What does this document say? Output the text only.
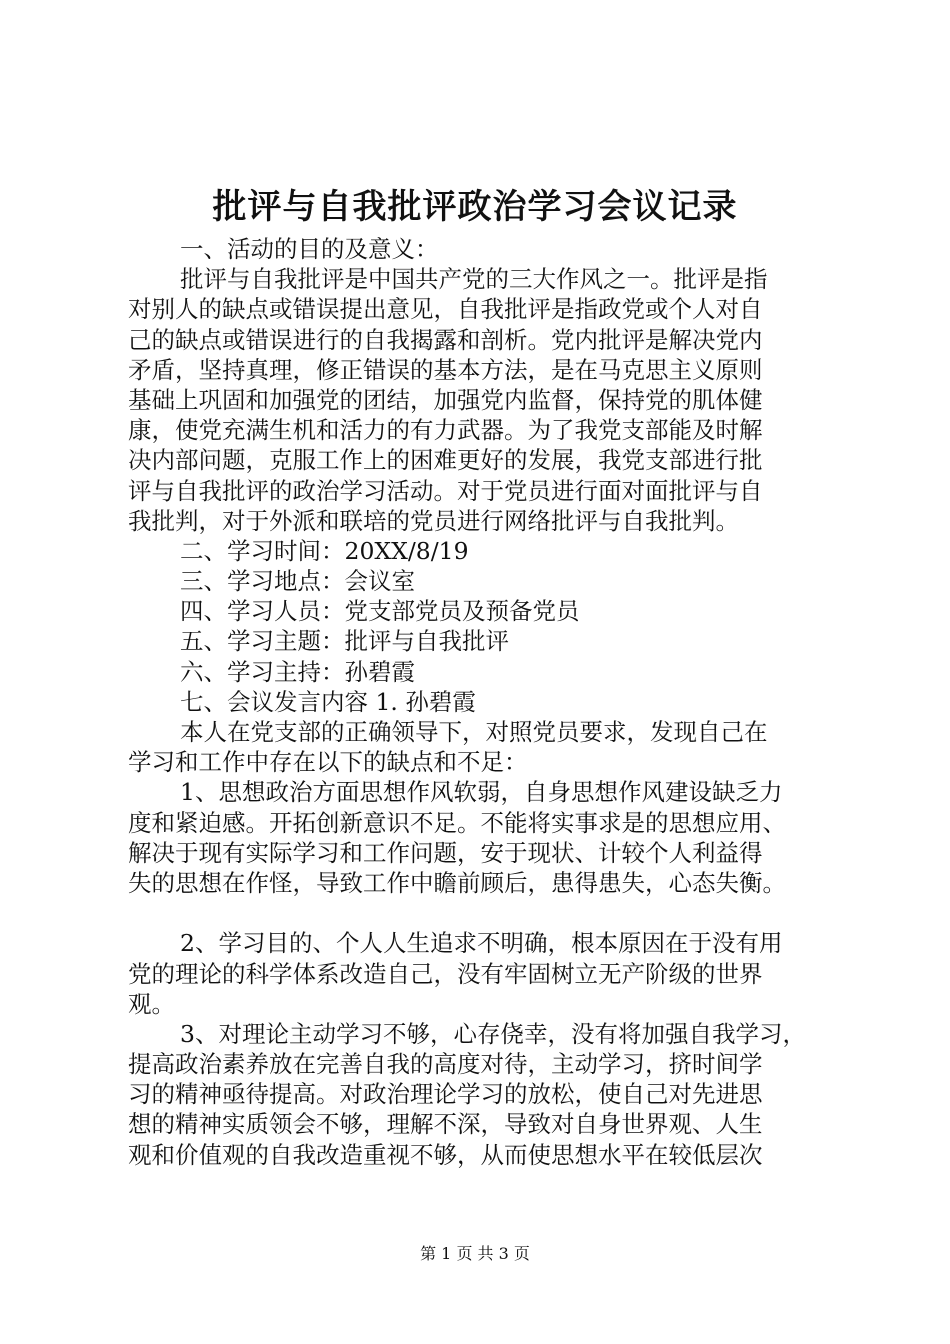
批评与自我批评政治学习会议记录
一、活动的目的及意义：
批评与自我批评是中国共产党的三大作风之一。批评是指
对别人的缺点或错误提出意见，自我批评是指政党或个人对自
己的缺点或错误进行的自我揭露和剖析。党内批评是解决党内
矛盾，坚持真理，修正错误的基本方法，是在马克思主义原则
基础上巩固和加强党的团结，加强党内监督，保持党的肌体健
康，使党充满生机和活力的有力武器。为了我党支部能及时解
决内部问题，克服工作上的困难更好的发展，我党支部进行批
评与自我批评的政治学习活动。对于党员进行面对面批评与自
我批判，对于外派和联培的党员进行网络批评与自我批判。
二、学习时间：20XX/8/19
三、学习地点：会议室
四、学习人员：党支部党员及预备党员
五、学习主题：批评与自我批评
六、学习主持：孙碧霞
七、会议发言内容 1. 孙碧霞
本人在党支部的正确领导下，对照党员要求，发现自己在
学习和工作中存在以下的缺点和不足：
1、思想政治方面思想作风软弱，自身思想作风建设缺乏力
度和紧迫感。开拓创新意识不足。不能将实事求是的思想应用、
解决于现有实际学习和工作问题，安于现状、计较个人利益得
失的思想在作怪，导致工作中瞻前顾后，患得患失，心态失衡。
2、学习目的、个人人生追求不明确，根本原因在于没有用
党的理论的科学体系改造自己，没有牢固树立无产阶级的世界
观。
3、对理论主动学习不够，心存侥幸，没有将加强自我学习，
提高政治素养放在完善自我的高度对待，主动学习，挤时间学
习的精神亟待提高。对政治理论学习的放松，使自己对先进思
想的精神实质领会不够，理解不深，导致对自身世界观、人生
观和价值观的自我改造重视不够，从而使思想水平在较低层次
第 1 页 共 3 页
